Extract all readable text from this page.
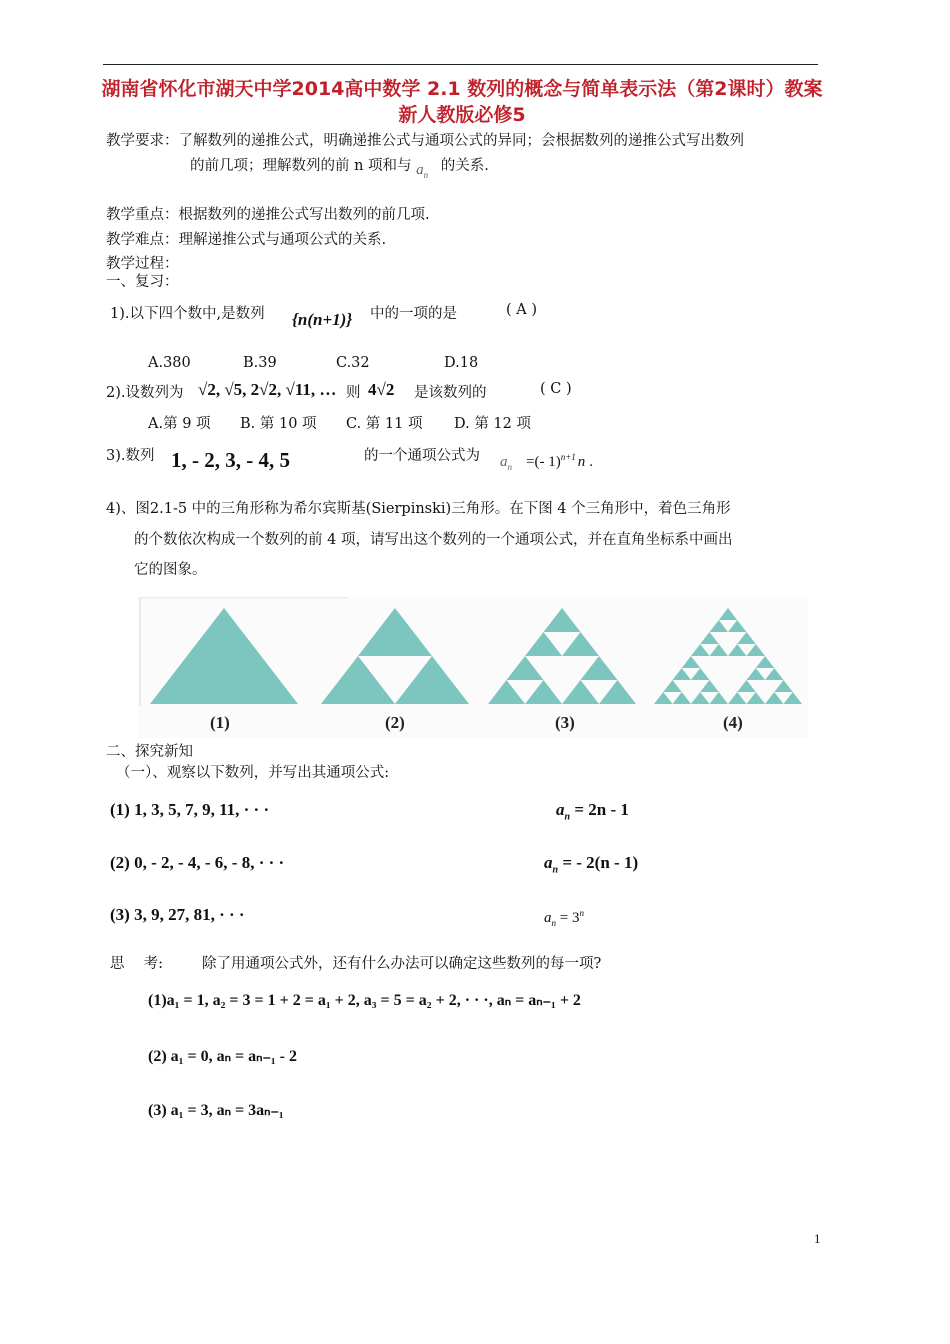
湖南省怀化市湖天中学2014高中数学 2.1 数列的概念与简单表示法（第2课时）教案 新人教版必修5
教学要求：了解数列的递推公式，明确递推公式与通项公式的异同；会根据数列的递推公式写出数列
的前几项；理解数列的前 n 项和与 $a_n$ 的关系.
教学重点：根据数列的递推公式写出数列的前几项.
教学难点：理解递推公式与通项公式的关系.
教学过程：
一、复习：
1).以下四个数中,是数列 {n(n+1)} 中的一项的是	( A )
A.380	B.39	C.32	D.18
2).设数列为 √2, √5, 2√2, √11, … 则 4√2 是该数列的	( C )
A.第 9 项 B. 第 10 项 C. 第 11 项 D. 第 12 项
3).数列 1, - 2, 3, - 4, 5	的一个通项公式为 $a_n$ =(- 1)$^{n+1}$ n .
4)、图2.1-5 中的三角形称为希尔宾斯基(Sierpinski)三角形。在下图 4 个三角形中，着色三角形
的个数依次构成一个数列的前 4 项，请写出这个数列的一个通项公式，并在直角坐标系中画出
它的图象。
(1)	(2)	(3)	(4)
二、探究新知
（一）、观察以下数列，并写出其通项公式:
(1) 1, 3, 5, 7, 9, 11, · · ·	$a_n = 2n - 1$
(2) 0, - 2, - 4, - 6, - 8, · · ·	$a_n$ = - 2(n - 1)
(3) 3, 9, 27, 81, · · ·	$a_n = 3^n$
思　 考:	除了用通项公式外，还有什么办法可以确定这些数列的每一项?
(1)a₁ = 1, a₂ = 3 = 1 + 2 = a₁ + 2, a₃ = 5 = a₂ + 2, · · ·, aₙ = aₙ₋₁ + 2
(2) a₁ = 0, aₙ = aₙ₋₁ - 2
(3) a₁ = 3, aₙ = 3aₙ₋₁
1
